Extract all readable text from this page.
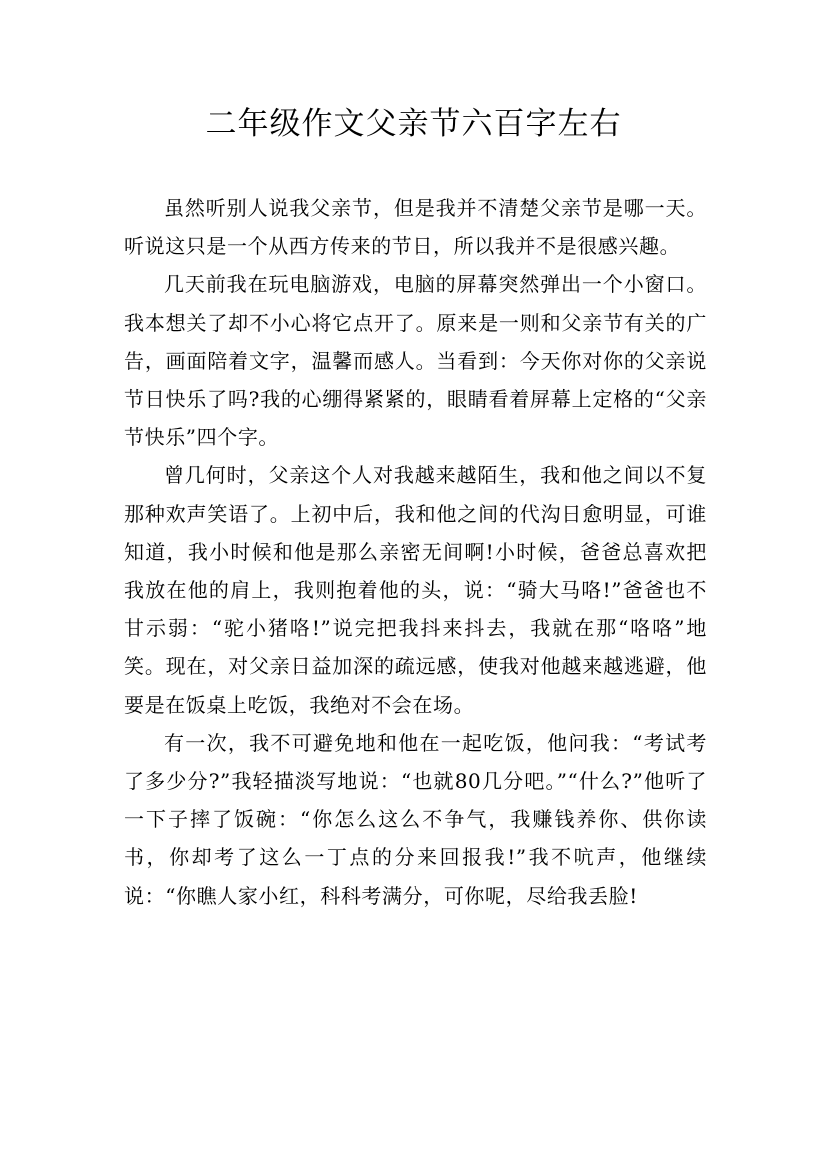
二年级作文父亲节六百字左右

虽然听别人说我父亲节，但是我并不清楚父亲节是哪一天。听说这只是一个从西方传来的节日，所以我并不是很感兴趣。

几天前我在玩电脑游戏，电脑的屏幕突然弹出一个小窗口。我本想关了却不小心将它点开了。原来是一则和父亲节有关的广告，画面陪着文字，温馨而感人。当看到：今天你对你的父亲说节日快乐了吗?我的心绷得紧紧的，眼睛看着屏幕上定格的“父亲节快乐”四个字。

曾几何时，父亲这个人对我越来越陌生，我和他之间以不复那种欢声笑语了。上初中后，我和他之间的代沟日愈明显，可谁知道，我小时候和他是那么亲密无间啊!小时候，爸爸总喜欢把我放在他的肩上，我则抱着他的头，说：“骑大马咯!”爸爸也不甘示弱：“驼小猪咯!”说完把我抖来抖去，我就在那“咯咯”地笑。现在，对父亲日益加深的疏远感，使我对他越来越逃避，他要是在饭桌上吃饭，我绝对不会在场。

有一次，我不可避免地和他在一起吃饭，他问我：“考试考了多少分?”我轻描淡写地说：“也就80几分吧。”“什么?”他听了一下子摔了饭碗：“你怎么这么不争气，我赚钱养你、供你读书，你却考了这么一丁点的分来回报我!”我不吭声，他继续说：“你瞧人家小红，科科考满分，可你呢，尽给我丢脸!
